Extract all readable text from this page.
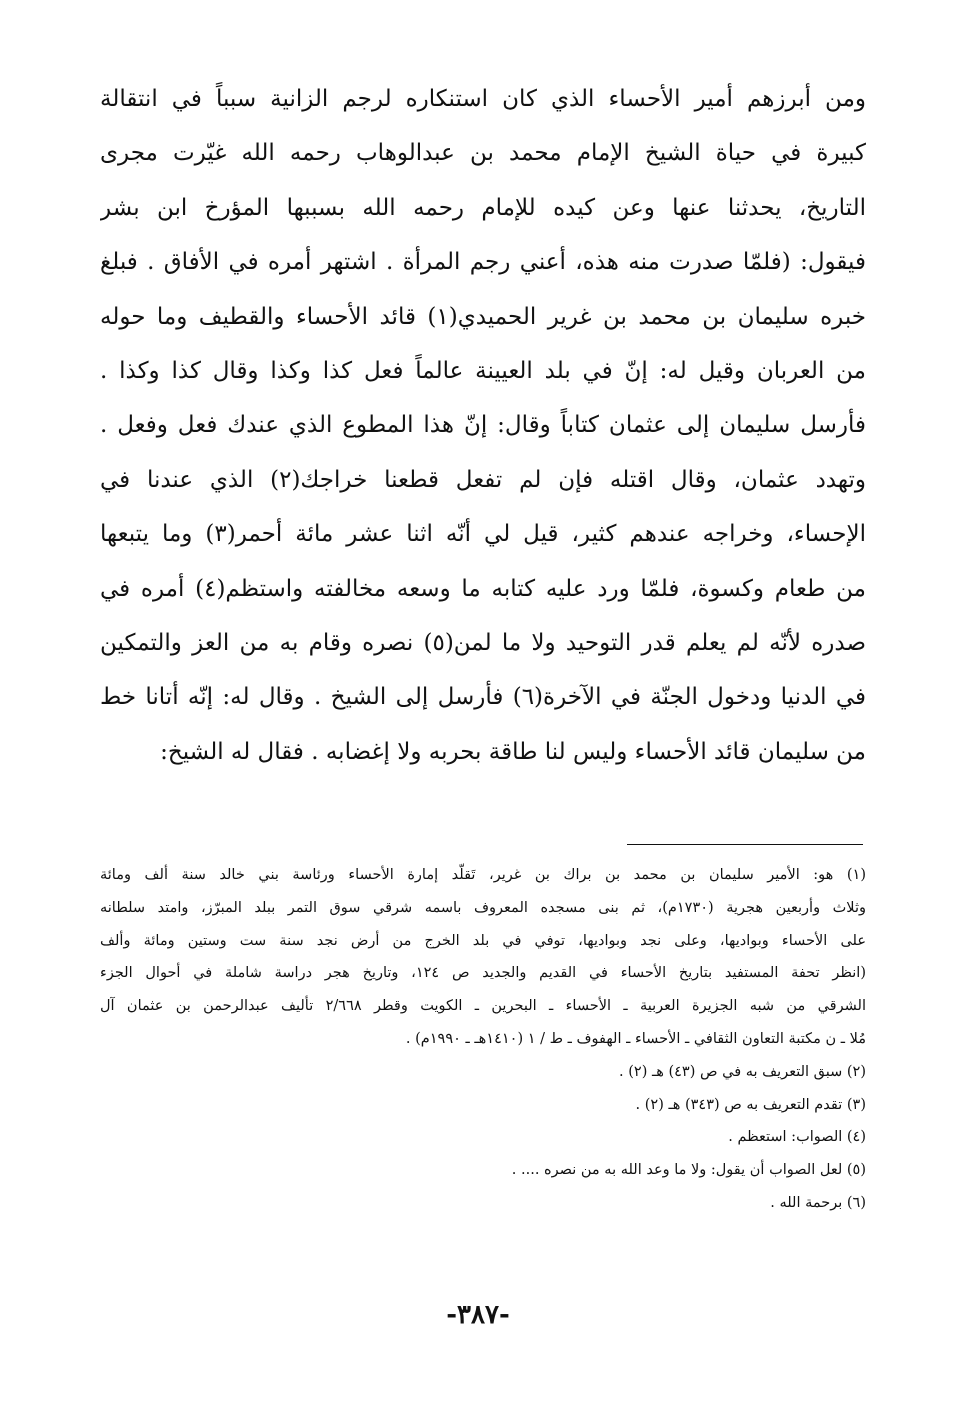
ومن أبرزهم أمير الأحساء الذي كان استنكاره لرجم الزانية سبباً في انتقالة
كبيرة في حياة الشيخ الإمام محمد بن عبدالوهاب رحمه الله غيّرت مجرى
التاريخ، يحدثنا عنها وعن كيده للإمام رحمه الله بسببها المؤرخ ابن بشر
فيقول: (فلمّا صدرت منه هذه، أعني رجم المرأة . اشتهر أمره في الأفاق . فبلغ
خبره سليمان بن محمد بن غرير الحميدي(١) قائد الأحساء والقطيف وما حوله
من العربان وقيل له: إنّ في بلد العيينة عالماً فعل كذا وكذا وقال كذا وكذا .
فأرسل سليمان إلى عثمان كتاباً وقال: إنّ هذا المطوع الذي عندك فعل وفعل .
وتهدد عثمان، وقال اقتله فإن لم تفعل قطعنا خراجك(٢) الذي عندنا في
الإحساء، وخراجه عندهم كثير، قيل لي أنّه اثنا عشر مائة أحمر(٣) وما يتبعها
من طعام وكسوة، فلمّا ورد عليه كتابه ما وسعه مخالفته واستظم(٤) أمره في
صدره لأنّه لم يعلم قدر التوحيد ولا ما لمن(٥) نصره وقام به من العز والتمكين
في الدنيا ودخول الجنّة في الآخرة(٦) فأرسل إلى الشيخ . وقال له: إنّه أتانا خط
من سليمان قائد الأحساء وليس لنا طاقة بحربه ولا إغضابه . فقال له الشيخ:
(١) هو: الأمير سليمان بن محمد بن براك بن غرير، تَقلّد إمارة الأحساء ورئاسة بني خالد سنة ألف ومائة
وثلاث وأربعين هجرية (١٧٣٠م)، ثم بنى مسجده المعروف باسمه شرقي سوق التمر ببلد المبرّز، وامتد سلطانه
على الأحساء وبواديها، وعلى نجد وبواديها، توفي في بلد الخرج من أرض نجد سنة ست وستين ومائة وألف
(انظر تحفة المستفيد بتاريخ الأحساء في القديم والجديد ص ١٢٤، وتاريخ هجر دراسة شاملة في أحوال الجزء
الشرقي من شبه الجزيرة العربية ـ الأحساء ـ البحرين ـ الكويت وقطر ٢/٦٦٨ تأليف عبدالرحمن بن عثمان آل
مُلا ـ ن مكتبة التعاون الثقافي ـ الأحساء ـ الهفوف ـ ط / ١ (١٤١٠هـ ـ ١٩٩٠م) .
(٢) سبق التعريف به في ص (٤٣) هـ (٢) .
(٣) تقدم التعريف به ص (٣٤٣) هـ (٢) .
(٤) الصواب: استعظم .
(٥) لعل الصواب أن يقول: ولا ما وعد الله به من نصره .... .
(٦) برحمة الله .
-٣٨٧-
